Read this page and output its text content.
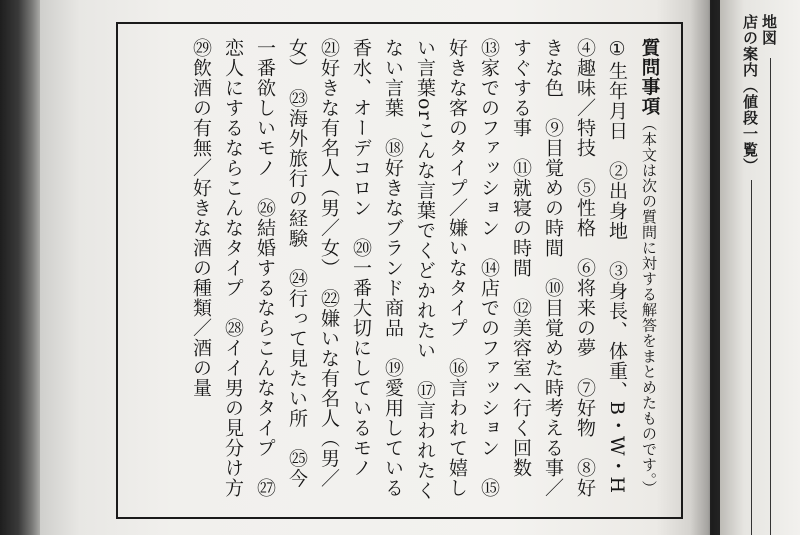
質問事項（本文は次の質問に対する解答をまとめたものです。）①生年月日　②出身地　③身長、体重、B・W・H　④趣味／特技　⑤性格　⑥将来の夢　⑦好物　⑧好きな色　⑨目覚めの時間　⑩目覚めた時考える事／すぐする事　⑪就寝の時間　⑫美容室へ行く回数　⑬家でのファッション　⑭店でのファッション　⑮好きな客のタイプ／嫌いなタイプ　⑯言われて嬉しい言葉orこんな言葉でくどかれたい　⑰言われたくない言葉　⑱好きなブランド商品　⑲愛用している香水、オーデコロン　⑳一番大切にしているモノ　㉑好きな有名人（男／女）　㉒嫌いな有名人（男／女）　㉓海外旅行の経験　㉔行って見たい所　㉕今一番欲しいモノ　㉖結婚するならこんなタイプ　㉗恋人にするならこんなタイプ　㉘イイ男の見分け方　㉙飲酒の有無／好きな酒の種類／酒の量
地図
店の案内（値段一覧）
